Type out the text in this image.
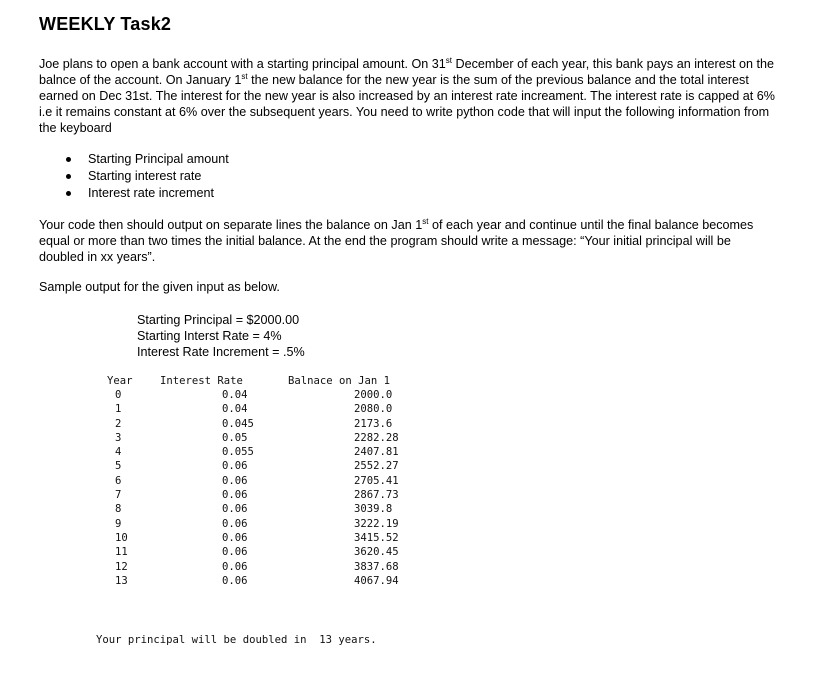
WEEKLY Task2
Joe plans to open a bank account with a starting principal amount. On 31st December of each year, this bank pays an interest on the balnce of the account. On January 1st the new balance for the new year is the sum of the previous balance and the total interest earned on Dec 31st. The interest for the new year is also increased by an interest rate increament. The interest rate is capped at 6% i.e it remains constant at 6% over the subsequent years. You need to write python code that will input the following information from the keyboard
Starting Principal amount
Starting interest rate
Interest rate increment
Your code then should output on separate lines the balance on Jan 1st of each year and continue until the final balance becomes equal or more than two times the initial balance. At the end the program should write a message: “Your initial principal will be doubled in xx years”.
Sample output for the given input as below.
Starting Principal = $2000.00
Starting Interst Rate = 4%
Interest Rate Increment = .5%
Year	Interest Rate	Balnace on Jan 1
0
1
2
3
4
5
6
7
8
9
10
11
12
13
0.04
0.04
0.045
0.05
0.055
0.06
0.06
0.06
0.06
0.06
0.06
0.06
0.06
0.06
2000.0
2080.0
2173.6
2282.28
2407.81
2552.27
2705.41
2867.73
3039.8
3222.19
3415.52
3620.45
3837.68
4067.94
Your principal will be doubled in  13 years.
